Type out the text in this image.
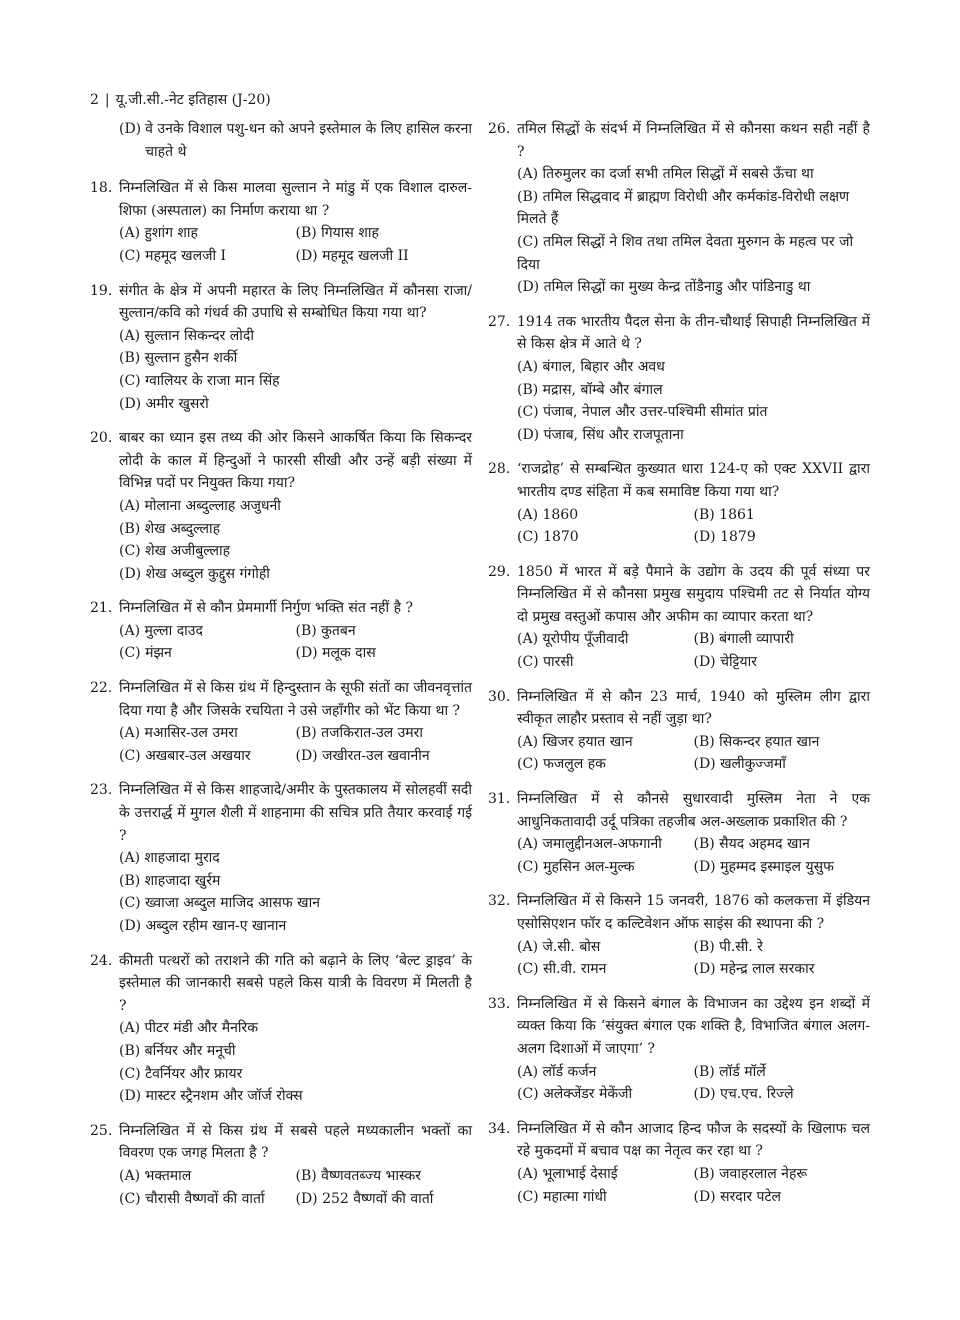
2 | यू.जी.सी.-नेट इतिहास (J-20)
(D) वे उनके विशाल पशु-धन को अपने इस्तेमाल के लिए हासिल करना चाहते थे
18. निम्नलिखित में से किस मालवा सुल्तान ने मांडु में एक विशाल दारुल-शिफा (अस्पताल) का निर्माण कराया था ?
(A) हुशांग शाह	(B) गियास शाह
(C) महमूद खलजी I	(D) महमूद खलजी II
19. संगीत के क्षेत्र में अपनी महारत के लिए निम्नलिखित में कौनसा राजा/सुल्तान/कवि को गंधर्व की उपाधि से सम्बोधित किया गया था?
(A) सुल्तान सिकन्दर लोदी
(B) सुल्तान हुसैन शर्की
(C) ग्वालियर के राजा मान सिंह
(D) अमीर खुसरो
20. बाबर का ध्यान इस तथ्य की ओर किसने आकर्षित किया कि सिकन्दर लोदी के काल में हिन्दुओं ने फारसी सीखी और उन्हें बड़ी संख्या में विभिन्न पदों पर नियुक्त किया गया?
(A) मोलाना अब्दुल्लाह अजुधनी
(B) शेख अब्दुल्लाह
(C) शेख अजीबुल्लाह
(D) शेख अब्दुल कुद्दुस गंगोही
21. निम्नलिखित में से कौन प्रेममार्गी निर्गुण भक्ति संत नहीं है ?
(A) मुल्ला दाउद	(B) कुतबन
(C) मंझन	(D) मलूक दास
22. निम्नलिखित में से किस ग्रंथ में हिन्दुस्तान के सूफी संतों का जीवनवृत्तांत दिया गया है और जिसके रचयिता ने उसे जहाँगीर को भेंट किया था ?
(A) मआसिर-उल उमरा	(B) तजकिरात-उल उमरा
(C) अखबार-उल अखयार	(D) जखीरत-उल खवानीन
23. निम्नलिखित में से किस शाहजादे/अमीर के पुस्तकालय में सोलहवीं सदी के उत्तरार्द्ध में मुगल शैली में शाहनामा की सचित्र प्रति तैयार करवाई गई ?
(A) शाहजादा मुराद
(B) शाहजादा खुर्रम
(C) ख्वाजा अब्दुल माजिद आसफ खान
(D) अब्दुल रहीम खान-ए खानान
24. कीमती पत्थरों को तराशने की गति को बढ़ाने के लिए ‘बेल्ट ड्राइव’ के इस्तेमाल की जानकारी सबसे पहले किस यात्री के विवरण में मिलती है ?
(A) पीटर मंडी और मैनरिक
(B) बर्नियर और मनूची
(C) टैवर्नियर और फ्रायर
(D) मास्टर स्ट्रैनशम और जॉर्ज रोक्स
25. निम्नलिखित में से किस ग्रंथ में सबसे पहले मध्यकालीन भक्तों का विवरण एक जगह मिलता है ?
(A) भक्तमाल	(B) वैष्णवतब्ज्य भास्कर
(C) चौरासी वैष्णवों की वार्ता	(D) 252 वैष्णवों की वार्ता
26. तमिल सिद्धों के संदर्भ में निम्नलिखित में से कौनसा कथन सही नहीं है ?
(A) तिरुमुलर का दर्जा सभी तमिल सिद्धों में सबसे ऊँचा था
(B) तमिल सिद्धवाद में ब्राह्मण विरोधी और कर्मकांड-विरोधी लक्षण मिलते हैं
(C) तमिल सिद्धों ने शिव तथा तमिल देवता मुरुगन के महत्व पर जो दिया
(D) तमिल सिद्धों का मुख्य केन्द्र तोंडैनाडु और पांडिनाडु था
27. 1914 तक भारतीय पैदल सेना के तीन-चौथाई सिपाही निम्नलिखित में से किस क्षेत्र में आते थे ?
(A) बंगाल, बिहार और अवध
(B) मद्रास, बॉम्बे और बंगाल
(C) पंजाब, नेपाल और उत्तर-पश्चिमी सीमांत प्रांत
(D) पंजाब, सिंध और राजपूताना
28. ‘राजद्रोह’ से सम्बन्धित कुख्यात धारा 124-ए को एक्ट XXVII द्वारा भारतीय दण्ड संहिता में कब समाविष्ट किया गया था?
(A) 1860	(B) 1861
(C) 1870	(D) 1879
29. 1850 में भारत में बड़े पैमाने के उद्योग के उदय की पूर्व संध्या पर निम्नलिखित में से कौनसा प्रमुख समुदाय पश्चिमी तट से निर्यात योग्य दो प्रमुख वस्तुओं कपास और अफीम का व्यापार करता था?
(A) यूरोपीय पूँजीवादी	(B) बंगाली व्यापारी
(C) पारसी	(D) चेट्टियार
30. निम्नलिखित में से कौन 23 मार्च, 1940 को मुस्लिम लीग द्वारा स्वीकृत लाहौर प्रस्ताव से नहीं जुड़ा था?
(A) खिजर हयात खान	(B) सिकन्दर हयात खान
(C) फजलुल हक	(D) खलीकुज्जमाँ
31. निम्नलिखित में से कौनसे सुधारवादी मुस्लिम नेता ने एक आधुनिकतावादी उर्दू पत्रिका तहजीब अल-अख्लाक प्रकाशित की ?
(A) जमालुद्दीनअल-अफगानी	(B) सैयद अहमद खान
(C) मुहसिन अल-मुल्क	(D) मुहम्मद इस्माइल युसुफ
32. निम्नलिखित में से किसने 15 जनवरी, 1876 को कलकत्ता में इंडियन एसोसिएशन फॉर द कल्टिवेशन ऑफ साइंस की स्थापना की ?
(A) जे.सी. बोस	(B) पी.सी. रे
(C) सी.वी. रामन	(D) महेन्द्र लाल सरकार
33. निम्नलिखित में से किसने बंगाल के विभाजन का उद्देश्य इन शब्दों में व्यक्त किया कि ‘संयुक्त बंगाल एक शक्ति है, विभाजित बंगाल अलग-अलग दिशाओं में जाएगा’ ?
(A) लॉर्ड कर्जन	(B) लॉर्ड मॉर्ले
(C) अलेक्जेंडर मेकेंजी	(D) एच.एच. रिज्ले
34. निम्नलिखित में से कौन आजाद हिन्द फौज के सदस्यों के खिलाफ चल रहे मुकदमों में बचाव पक्ष का नेतृत्व कर रहा था ?
(A) भूलाभाई देसाई	(B) जवाहरलाल नेहरू
(C) महात्मा गांधी	(D) सरदार पटेल
